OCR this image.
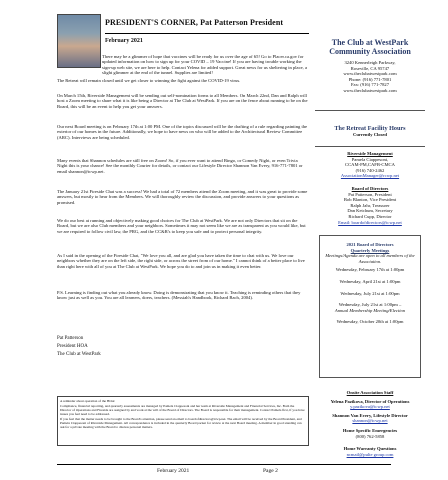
PRESIDENT'S CORNER, Pat Patterson President
February 2021

There may be a glimmer of hope that vaccines will be ready for us over the age of 65! Go to Placer.ca.gov for updated information on how to sign up for your COVID – 19 Vaccine! If you are having trouble working the sign-up web site, we are here to help. Contact Yelena for added support. Great news for us sheltering in place, a slight glimmer at the end of the tunnel. Supplies are limited!

The Retreat will remain closed until we get closer to winning the fight against the COVID-19 virus.

On March 15th, Riverside Management will be sending out self-nomination forms to all Members. On March 22nd, Dan and Ralph will host a Zoom meeting to share what it is like being a Director at The Club at WestPark. If you are on the fence about running to be on the Board, this will be an event to help you get your answers.

Our next Board meeting is on February 17th at 1:00 PM. One of the topics discussed will be the drafting of a rule regarding painting the exterior of our homes in the future. Additionally, we hope to have news on who will be added to the Architectural Review Committee (ARC). Interviews are being scheduled.

Many events that Shannon schedules are still free on Zoom! So, if you ever want to attend Bingo, or Comedy Night, or even Trivia Night this is your chance! See the monthly Courier for details, or contact our Lifestyle Director Shannon Van Every, 916-771-7801 or email shannon@tcwp.net.

The January 21st Fireside Chat was a success! We had a total of 72 members attend the Zoom meeting, and it was great to provide some answers, but mostly to hear from the Members. We will thoroughly review the discussion, and provide answers to your questions as promised.

We do our best at running and objectively making good choices for The Club at WestPark. We are not only Directors that sit on the Board, but we are also Club members and your neighbors. Sometimes it may not seem like we are as transparent as you would like, but we are required to follow civil law, the PRG, and the CC&R's to keep you safe and to protect personal integrity.

As I said in the opening of the Fireside Chat, "We love you all, and are glad you have taken the time to chat with us. We love our neighbors whether they are on the left side, the right side, or across the street from of our home." I cannot think of a better place to live than right here with all of you at The Club at WestPark. We hope you do to and join us in making it even better.

P.S. Learning is finding out what you already know. Doing is demonstrating that you know it. Teaching is reminding others that they know just as well as you. You are all learners, doers, teachers. (Messiah's Handbook, Richard Bach, 2004).

Pat Patterson
President HOA
The Club at WestPark

A reminder about operation of the HOA:

Compliance, financial reporting, and quarterly assessments are managed by Pamela Ciappesoni and her team at Riverside Management and Financial Services, Inc. Both the Director of Operations and Fireside are assigned by and work at the will of the Board of Directors. The Board is responsible for their management. Contact Pamela first, if you have issues you feel need to be addressed.

If you feel that the matter needs to be brought to the Board's attention, please send an email to boardofdirectors@tcwp.net. The email will be received by the Board President, and Pamela Ciappesoni of Riverside Management. All correspondence is included in the quarterly Board packet for review at the next Board meeting. A member in good standing can ask for a private meeting with the Board to discuss personal matters.

February 2021	Page 2
The Club at WestPark Community Association

3240 Kennerleigh Parkway,

Roseville, CA 95747

www.theclubatwestpark.com

Phone: (916) 771-7801

Fax: (916) 771-7827

www.theclubatwestpark.com

The Retreat Facility Hours

Currently Closed

Riverside Management

Pamela Ciappesoni,

CCAM-PM,CAFB-CMCA

(916) 740-2462

AssociationManager@rcwp.net

Board of Directors

Pat Patterson, President

Bob Blanton, Vice President

Ralph Jahr, Treasurer

Dan Ketchum, Secretary

Richard Cupp, Director

Email: boardofdirectors@tcwp.net

2021 Board of Directors

Quarterly Meetings

Meetings/Agenda are open to all members of the Association.

Wednesday, February 17th at 1:00pm

Wednesday, April 21st at 1:00pm

Wednesday, July 21st at 1:00pm

Wednesday, July 21st at 1:00pm –

Annual Membership Meeting/Election

Wednesday, October 20th at 1:00pm

Onsite Association Staff

Yelena Pazikova, Director of Operations

y.pazikova@tcwp.net

Shannon Van Every, Lifestyle Director

shannon@tcwp.net

Home Specific Emergencies

(800) 762-5858

Home Warranty Questions

ncmail@pulte group.com
